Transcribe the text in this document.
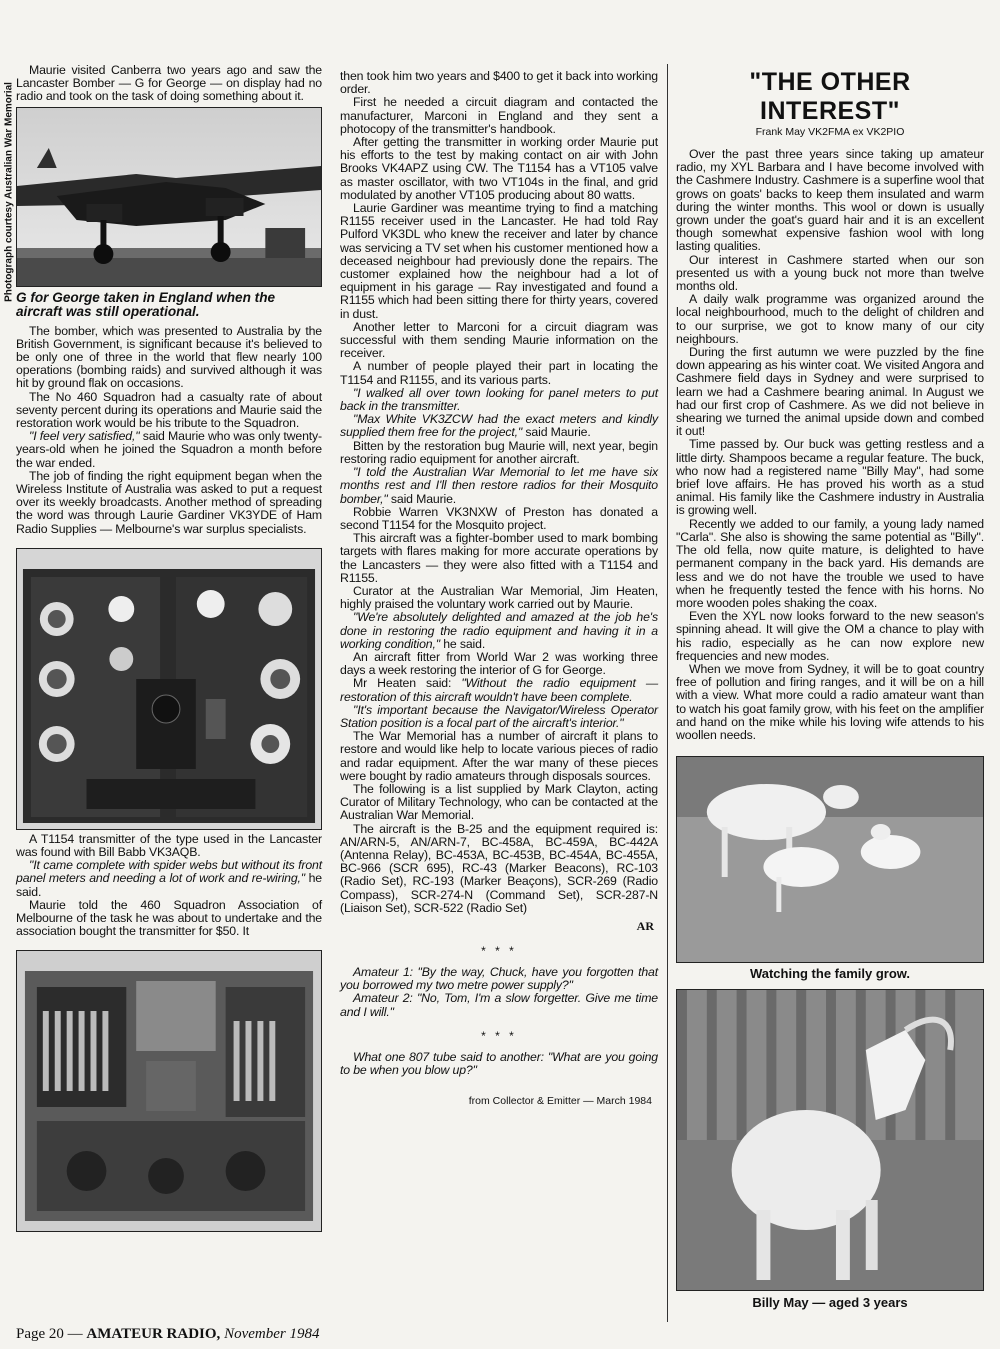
Maurie visited Canberra two years ago and saw the Lancaster Bomber — G for George — on display had no radio and took on the task of doing something about it.

G for George taken in England when the aircraft was still operational.

The bomber, which was presented to Australia by the British Government, is significant because it's believed to be only one of three in the world that flew nearly 100 operations (bombing raids) and survived although it was hit by ground flak on occasions.

The No 460 Squadron had a casualty rate of about seventy percent during its operations and Maurie said the restoration work would be his tribute to the Squadron.

"I feel very satisfied," said Maurie who was only twenty-years-old when he joined the Squadron a month before the war ended.

The job of finding the right equipment began when the Wireless Institute of Australia was asked to put a request over its weekly broadcasts. Another method of spreading the word was through Laurie Gardiner VK3YDE of Ham Radio Supplies — Melbourne's war surplus specialists.

A T1154 transmitter of the type used in the Lancaster was found with Bill Babb VK3AQB.

"It came complete with spider webs but without its front panel meters and needing a lot of work and re-wiring," he said.

Maurie told the 460 Squadron Association of Melbourne of the task he was about to undertake and the association bought the transmitter for $50. It

Photograph courtesy Australian War Memorial

then took him two years and $400 to get it back into working order.

First he needed a circuit diagram and contacted the manufacturer, Marconi in England and they sent a photocopy of the transmitter's handbook.

After getting the transmitter in working order Maurie put his efforts to the test by making contact on air with John Brooks VK4APZ using CW. The T1154 has a VT105 valve as master oscillator, with two VT104s in the final, and grid modulated by another VT105 producing about 80 watts.

Laurie Gardiner was meantime trying to find a matching R1155 receiver used in the Lancaster. He had told Ray Pulford VK3DL who knew the receiver and later by chance was servicing a TV set when his customer mentioned how a deceased neighbour had previously done the repairs. The customer explained how the neighbour had a lot of equipment in his garage — Ray investigated and found a R1155 which had been sitting there for thirty years, covered in dust.

Another letter to Marconi for a circuit diagram was successful with them sending Maurie information on the receiver.

A number of people played their part in locating the T1154 and R1155, and its various parts.

"I walked all over town looking for panel meters to put back in the transmitter.

"Max White VK3ZCW had the exact meters and kindly supplied them free for the project," said Maurie.

Bitten by the restoration bug Maurie will, next year, begin restoring radio equipment for another aircraft.

"I told the Australian War Memorial to let me have six months rest and I'll then restore radios for their Mosquito bomber," said Maurie.

Robbie Warren VK3NXW of Preston has donated a second T1154 for the Mosquito project.

This aircraft was a fighter-bomber used to mark bombing targets with flares making for more accurate operations by the Lancasters — they were also fitted with a T1154 and R1155.

Curator at the Australian War Memorial, Jim Heaten, highly praised the voluntary work carried out by Maurie.

"We're absolutely delighted and amazed at the job he's done in restoring the radio equipment and having it in a working condition," he said.

An aircraft fitter from World War 2 was working three days a week restoring the interior of G for George.

Mr Heaten said: "Without the radio equipment — restoration of this aircraft wouldn't have been complete.

"It's important because the Navigator/Wireless Operator Station position is a focal part of the aircraft's interior."

The War Memorial has a number of aircraft it plans to restore and would like help to locate various pieces of radio and radar equipment. After the war many of these pieces were bought by radio amateurs through disposals sources.

The following is a list supplied by Mark Clayton, acting Curator of Military Technology, who can be contacted at the Australian War Memorial.

The aircraft is the B-25 and the equipment required is: AN/ARN-5, AN/ARN-7, BC-458A, BC-459A, BC-442A (Antenna Relay), BC-453A, BC-453B, BC-454A, BC-455A, BC-966 (SCR 695), RC-43 (Marker Beacons), RC-103 (Radio Set), RC-193 (Marker Beaçons), SCR-269 (Radio Compass), SCR-274-N (Command Set), SCR-287-N (Liaison Set), SCR-522 (Radio Set)

AR
* * *

Amateur 1: "By the way, Chuck, have you forgotten that you borrowed my two metre power supply?"

Amateur 2: "No, Tom, I'm a slow forgetter. Give me time and I will."

* * *

What one 807 tube said to another: "What are you going to be when you blow up?"

from Collector & Emitter — March 1984
"THE OTHER INTEREST"
Frank May VK2FMA ex VK2PIO

Over the past three years since taking up amateur radio, my XYL Barbara and I have become involved with the Cashmere Industry. Cashmere is a superfine wool that grows on goats' backs to keep them insulated and warm during the winter months. This wool or down is usually grown under the goat's guard hair and it is an excellent though somewhat expensive fashion wool with long lasting qualities.

Our interest in Cashmere started when our son presented us with a young buck not more than twelve months old.

A daily walk programme was organized around the local neighbourhood, much to the delight of children and to our surprise, we got to know many of our city neighbours.

During the first autumn we were puzzled by the fine down appearing as his winter coat. We visited Angora and Cashmere field days in Sydney and were surprised to learn we had a Cashmere bearing animal. In August we had our first crop of Cashmere. As we did not believe in shearing we turned the animal upside down and combed it out!

Time passed by. Our buck was getting restless and a little dirty. Shampoos became a regular feature. The buck, who now had a registered name "Billy May", had some brief love affairs. He has proved his worth as a stud animal. His family like the Cashmere industry in Australia is growing well.

Recently we added to our family, a young lady named "Carla". She also is showing the same potential as "Billy". The old fella, now quite mature, is delighted to have permanent company in the back yard. His demands are less and we do not have the trouble we used to have when he frequently tested the fence with his horns. No more wooden poles shaking the coax.

Even the XYL now looks forward to the new season's spinning ahead. It will give the OM a chance to play with his radio, especially as he can now explore new frequencies and new modes.

When we move from Sydney, it will be to goat country free of pollution and firing ranges, and it will be on a hill with a view. What more could a radio amateur want than to watch his goat family grow, with his feet on the amplifier and hand on the mike while his loving wife attends to his woollen needs.

Watching the family grow.
Billy May — aged 3 years
Page 20 — AMATEUR RADIO, November 1984
